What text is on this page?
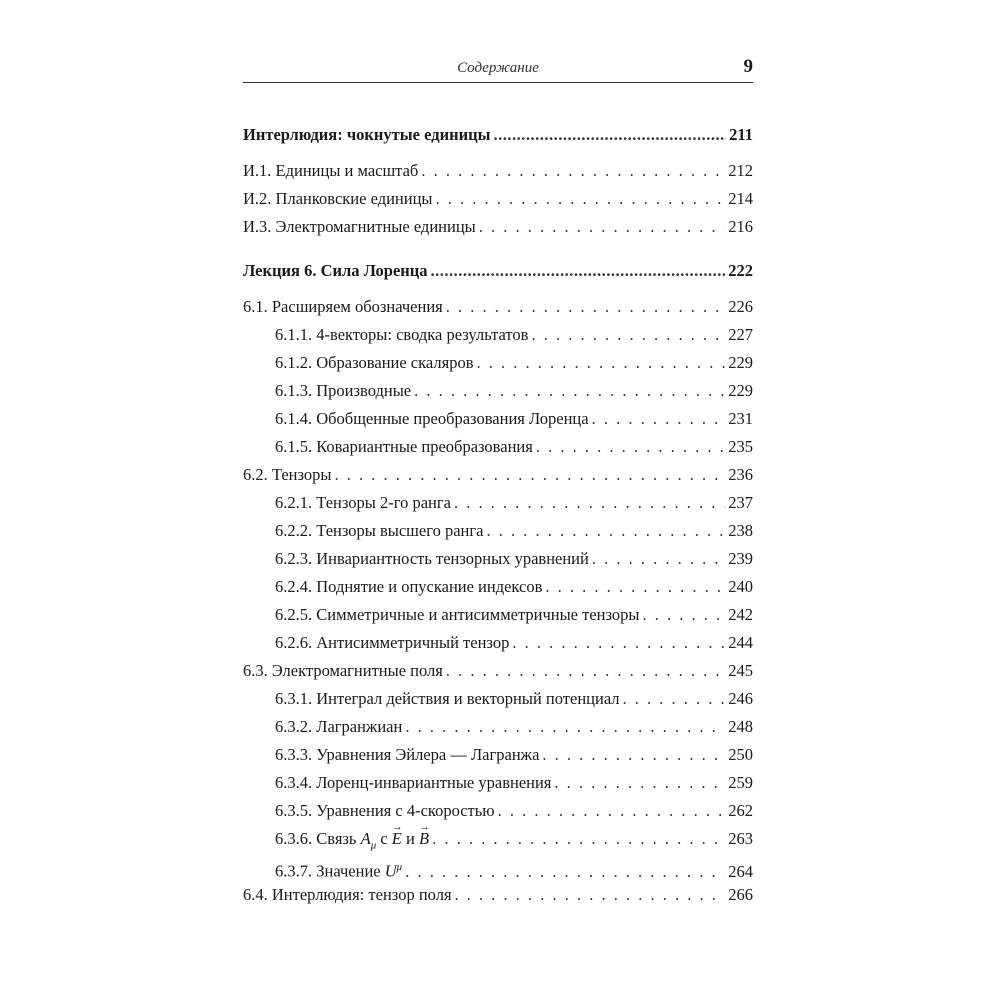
Содержание	9
Интерлюдия: чокнутые единицы .....	211
И.1. Единицы и масштаб . . .	212
И.2. Планковские единицы . . .	214
И.3. Электромагнитные единицы . . .	216
Лекция 6. Сила Лоренца .....	222
6.1. Расширяем обозначения . . .	226
6.1.1. 4-векторы: сводка результатов . . .	227
6.1.2. Образование скаляров . . .	229
6.1.3. Производные . . .	229
6.1.4. Обобщенные преобразования Лоренца . . .	231
6.1.5. Ковариантные преобразования . . .	235
6.2. Тензоры . . .	236
6.2.1. Тензоры 2-го ранга . . .	237
6.2.2. Тензоры высшего ранга . . .	238
6.2.3. Инвариантность тензорных уравнений . . .	239
6.2.4. Поднятие и опускание индексов . . .	240
6.2.5. Симметричные и антисимметричные тензоры . . .	242
6.2.6. Антисимметричный тензор . . .	244
6.3. Электромагнитные поля . . .	245
6.3.1. Интеграл действия и векторный потенциал . . .	246
6.3.2. Лагранжиан . . .	248
6.3.3. Уравнения Эйлера — Лагранжа . . .	250
6.3.4. Лоренц-инвариантные уравнения . . .	259
6.3.5. Уравнения с 4-скоростью . . .	262
6.3.6. Связь $A_\mu$ с → E и → B . . .	263
6.3.7. Значение $U^\mu$ . . .	264
6.4. Интерлюдия: тензор поля . . .	266
